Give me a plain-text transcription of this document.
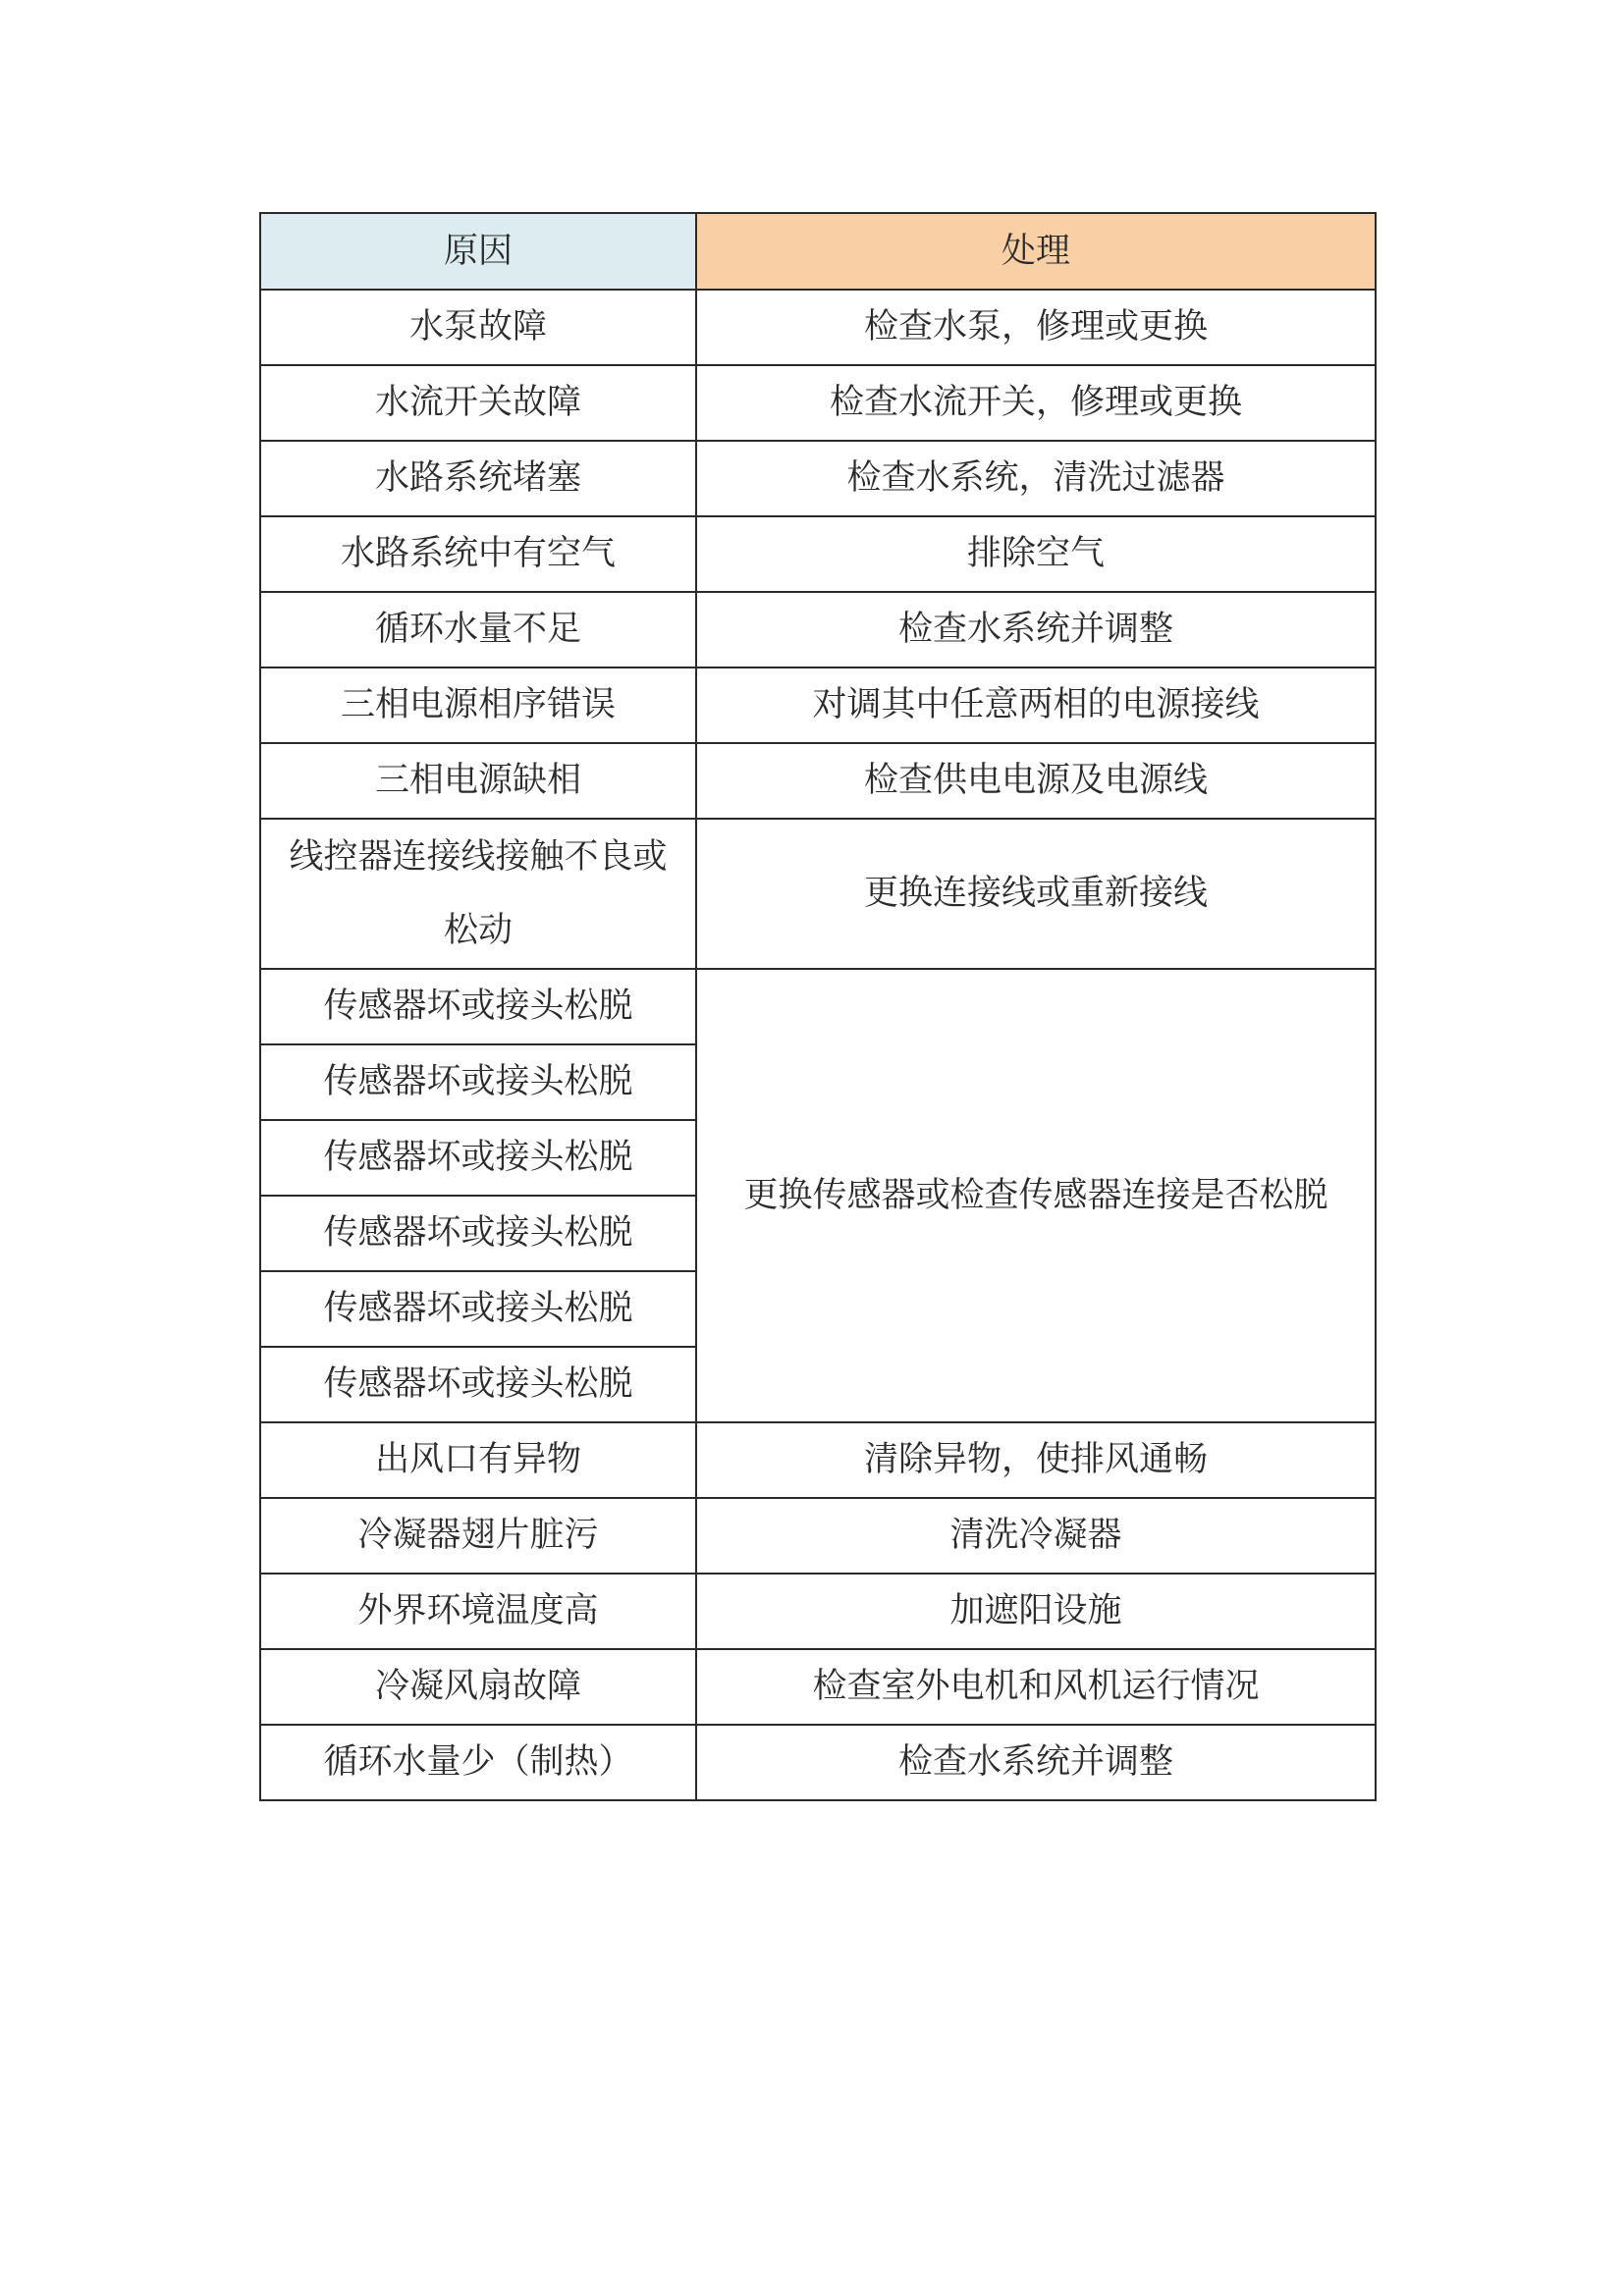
原因	处理
水泵故障	检查水泵，修理或更换
水流开关故障	检查水流开关，修理或更换
水路系统堵塞	检查水系统，清洗过滤器
水路系统中有空气	排除空气
循环水量不足	检查水系统并调整
三相电源相序错误	对调其中任意两相的电源接线
三相电源缺相	检查供电电源及电源线
线控器连接线接触不良或松动	更换连接线或重新接线
传感器坏或接头松脱	更换传感器或检查传感器连接是否松脱
传感器坏或接头松脱	
传感器坏或接头松脱	
传感器坏或接头松脱	
传感器坏或接头松脱	
传感器坏或接头松脱	
出风口有异物	清除异物，使排风通畅
冷凝器翅片脏污	清洗冷凝器
外界环境温度高	加遮阳设施
冷凝风扇故障	检查室外电机和风机运行情况
循环水量少（制热）	检查水系统并调整
